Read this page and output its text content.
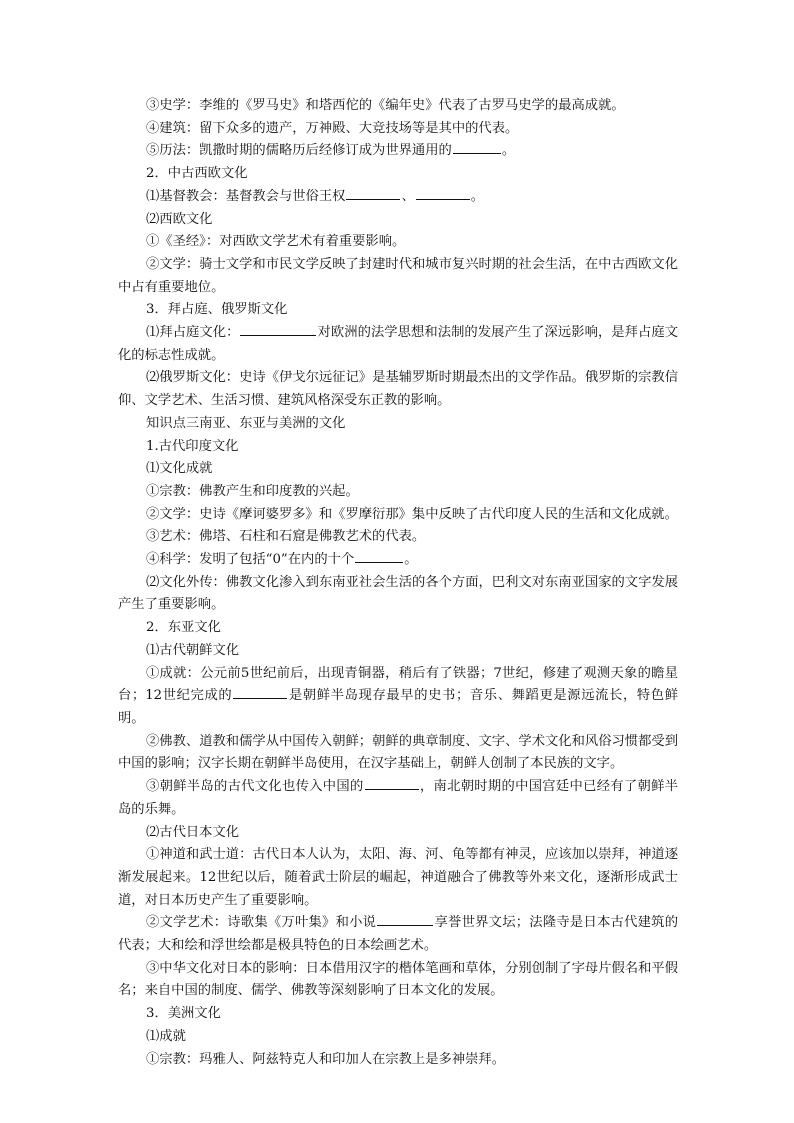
③史学：李维的《罗马史》和塔西佗的《编年史》代表了古罗马史学的最高成就。

④建筑：留下众多的遗产，万神殿、大竞技场等是其中的代表。

⑤历法：凯撒时期的儒略历后经修订成为世界通用的	。

2．中古西欧文化

⑴基督教会：基督教会与世俗王权	、	。

⑵西欧文化

①《圣经》：对西欧文学艺术有着重要影响。

②文学：骑士文学和市民文学反映了封建时代和城市复兴时期的社会生活，在中古西欧文化中占有重要地位。

3．拜占庭、俄罗斯文化

⑴拜占庭文化：	对欧洲的法学思想和法制的发展产生了深远影响，是拜占庭文化的标志性成就。

⑵俄罗斯文化：史诗《伊戈尔远征记》是基辅罗斯时期最杰出的文学作品。俄罗斯的宗教信仰、文学艺术、生活习惯、建筑风格深受东正教的影响。

知识点三南亚、东亚与美洲的文化

1.古代印度文化

⑴文化成就

①宗教：佛教产生和印度教的兴起。

②文学：史诗《摩诃婆罗多》和《罗摩衍那》集中反映了古代印度人民的生活和文化成就。

③艺术：佛塔、石柱和石窟是佛教艺术的代表。

④科学：发明了包括“0”在内的十个	。

⑵文化外传：佛教文化渗入到东南亚社会生活的各个方面，巴利文对东南亚国家的文字发展产生了重要影响。

2．东亚文化

⑴古代朝鲜文化

①成就：公元前5世纪前后，出现青铜器，稍后有了铁器；7世纪，修建了观测天象的瞻星台；12世纪完成的	是朝鲜半岛现存最早的史书；音乐、舞蹈更是源远流长，特色鲜明。

②佛教、道教和儒学从中国传入朝鲜；朝鲜的典章制度、文字、学术文化和风俗习惯都受到中国的影响；汉字长期在朝鲜半岛使用，在汉字基础上，朝鲜人创制了本民族的文字。

③朝鲜半岛的古代文化也传入中国的	，南北朝时期的中国宫廷中已经有了朝鲜半岛的乐舞。

⑵古代日本文化

①神道和武士道：古代日本人认为，太阳、海、河、龟等都有神灵，应该加以崇拜，神道逐渐发展起来。12世纪以后，随着武士阶层的崛起，神道融合了佛教等外来文化，逐渐形成武士道，对日本历史产生了重要影响。

②文学艺术：诗歌集《万叶集》和小说	享誉世界文坛；法隆寺是日本古代建筑的代表；大和绘和浮世绘都是极具特色的日本绘画艺术。

③中华文化对日本的影响：日本借用汉字的楷体笔画和草体，分别创制了字母片假名和平假名；来自中国的制度、儒学、佛教等深刻影响了日本文化的发展。

3．美洲文化

⑴成就

①宗教：玛雅人、阿兹特克人和印加人在宗教上是多神崇拜。
